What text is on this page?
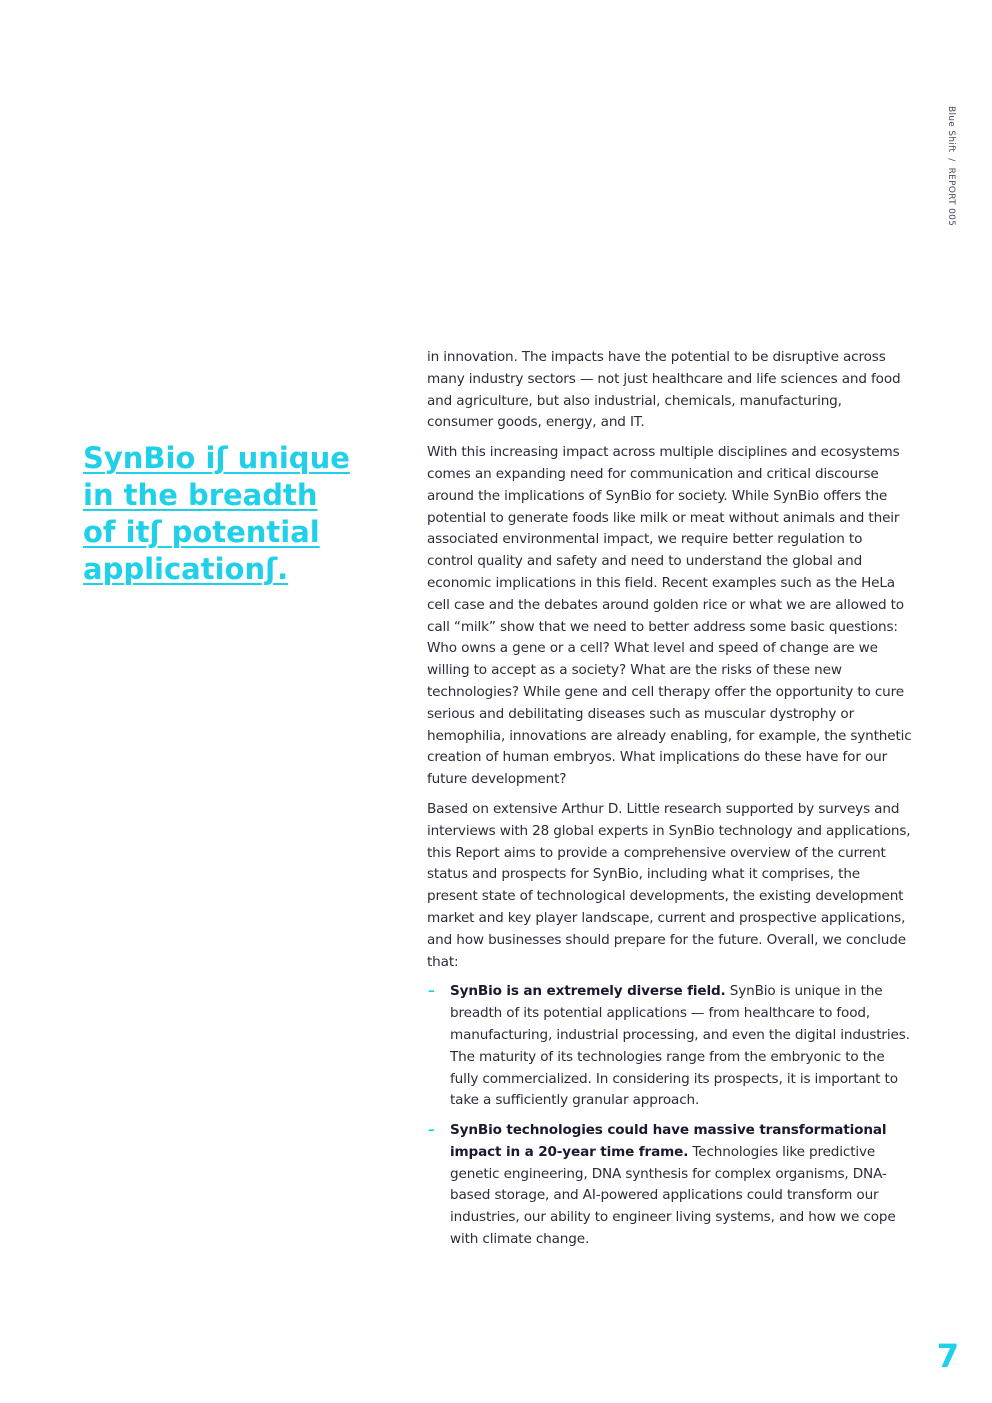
Blue Shift/REPORT 005
SynBio iʃ unique
in the breadth
of itʃ potential
applicationʃ.

in innovation. The impacts have the potential to be disruptive across many industry sectors — not just healthcare and life sciences and food and agriculture, but also industrial, chemicals, manufacturing, consumer goods, energy, and IT.

With this increasing impact across multiple disciplines and ecosystems comes an expanding need for communication and critical discourse around the implications of SynBio for society. While SynBio offers the potential to generate foods like milk or meat without animals and their associated environmental impact, we require better regulation to control quality and safety and need to understand the global and economic implications in this field. Recent examples such as the HeLa cell case and the debates around golden rice or what we are allowed to call “milk” show that we need to better address some basic questions: Who owns a gene or a cell? What level and speed of change are we willing to accept as a society? What are the risks of these new technologies? While gene and cell therapy offer the opportunity to cure serious and debilitating diseases such as muscular dystrophy or hemophilia, innovations are already enabling, for example, the synthetic creation of human embryos. What implications do these have for our future development?

Based on extensive Arthur D. Little research supported by surveys and interviews with 28 global experts in SynBio technology and applications, this Report aims to provide a comprehensive overview of the current status and prospects for SynBio, including what it comprises, the present state of technological developments, the existing development market and key player landscape, current and prospective applications, and how businesses should prepare for the future. Overall, we conclude that:

– SynBio is an extremely diverse field. SynBio is unique in the breadth of its potential applications — from healthcare to food, manufacturing, industrial processing, and even the digital industries. The maturity of its technologies range from the embryonic to the fully commercialized. In considering its prospects, it is important to take a sufficiently granular approach.
– SynBio technologies could have massive transformational impact in a 20-year time frame. Technologies like predictive genetic engineering, DNA synthesis for complex organisms, DNA-based storage, and AI-powered applications could transform our industries, our ability to engineer living systems, and how we cope with climate change.
7
